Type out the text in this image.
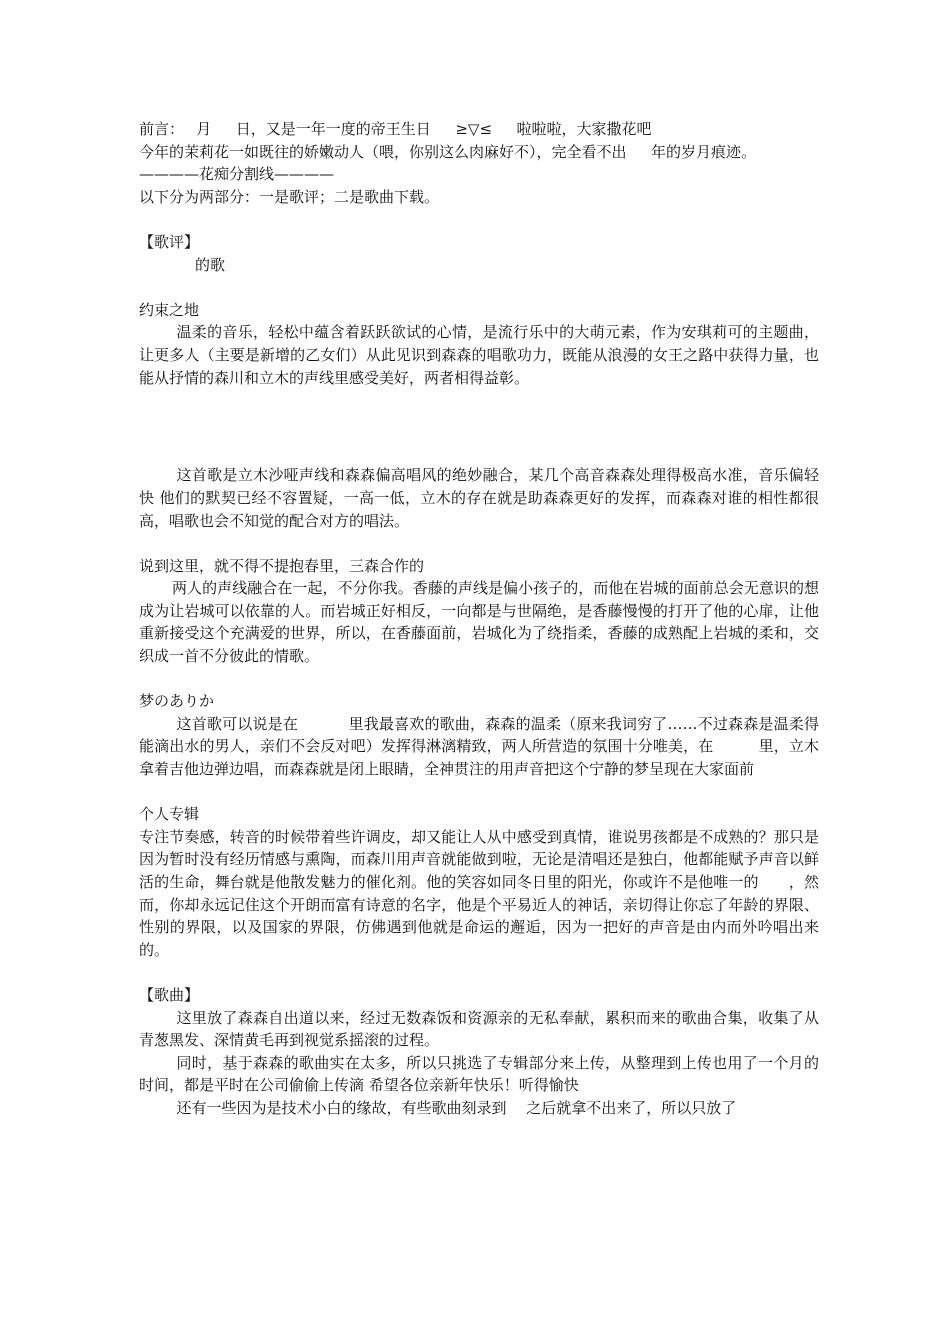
前言：　 月　  日，又是一年一度的帝王生日　  ≥▽≤　  啦啦啦，大家撒花吧

今年的茉莉花一如既往的娇嫩动人（喂，你别这么肉麻好不），完全看不出　  年的岁月痕迹。

————花痴分割线————

以下分为两部分：一是歌评；二是歌曲下载。

【歌评】

的歌

约束之地

温柔的音乐，轻松中蕴含着跃跃欲试的心情，是流行乐中的大萌元素，作为安琪莉可的主题曲，让更多人（主要是新增的乙女们）从此见识到森森的唱歌功力，既能从浪漫的女王之路中获得力量，也能从抒情的森川和立木的声线里感受美好，两者相得益彰。

这首歌是立木沙哑声线和森森偏高唱风的绝妙融合，某几个高音森森处理得极高水准，音乐偏轻快 他们的默契已经不容置疑，一高一低，立木的存在就是助森森更好的发挥，而森森对谁的相性都很高，唱歌也会不知觉的配合对方的唱法。

说到这里，就不得不提抱春里，三森合作的

两人的声线融合在一起，不分你我。香藤的声线是偏小孩子的，而他在岩城的面前总会无意识的想成为让岩城可以依靠的人。而岩城正好相反，一向都是与世隔绝，是香藤慢慢的打开了他的心扉，让他重新接受这个充满爱的世界，所以，在香藤面前，岩城化为了绕指柔，香藤的成熟配上岩城的柔和，交织成一首不分彼此的情歌。

梦のありか

这首歌可以说是在　　　 里我最喜欢的歌曲，森森的温柔（原来我词穷了……不过森森是温柔得能滴出水的男人，亲们不会反对吧）发挥得淋漓精致，两人所营造的氛围十分唯美，在　　　里，立木拿着吉他边弹边唱，而森森就是闭上眼睛，全神贯注的用声音把这个宁静的梦呈现在大家面前

个人专辑

专注节奏感，转音的时候带着些许调皮，却又能让人从中感受到真情，谁说男孩都是不成熟的？那只是因为暂时没有经历情感与熏陶，而森川用声音就能做到啦，无论是清唱还是独白，他都能赋予声音以鲜活的生命，舞台就是他散发魅力的催化剂。他的笑容如同冬日里的阳光，你或许不是他唯一的　　，然而，你却永远记住这个开朗而富有诗意的名字，他是个平易近人的神话，亲切得让你忘了年龄的界限、性别的界限，以及国家的界限，仿佛遇到他就是命运的邂逅，因为一把好的声音是由内而外吟唱出来的。

【歌曲】

这里放了森森自出道以来，经过无数森饭和资源亲的无私奉献，累积而来的歌曲合集，收集了从青葱黑发、深情黄毛再到视觉系摇滚的过程。

同时，基于森森的歌曲实在太多，所以只挑选了专辑部分来上传，从整理到上传也用了一个月的时间，都是平时在公司偷偷上传滴 希望各位亲新年快乐！听得愉快

还有一些因为是技术小白的缘故，有些歌曲刻录到　 之后就拿不出来了，所以只放了
